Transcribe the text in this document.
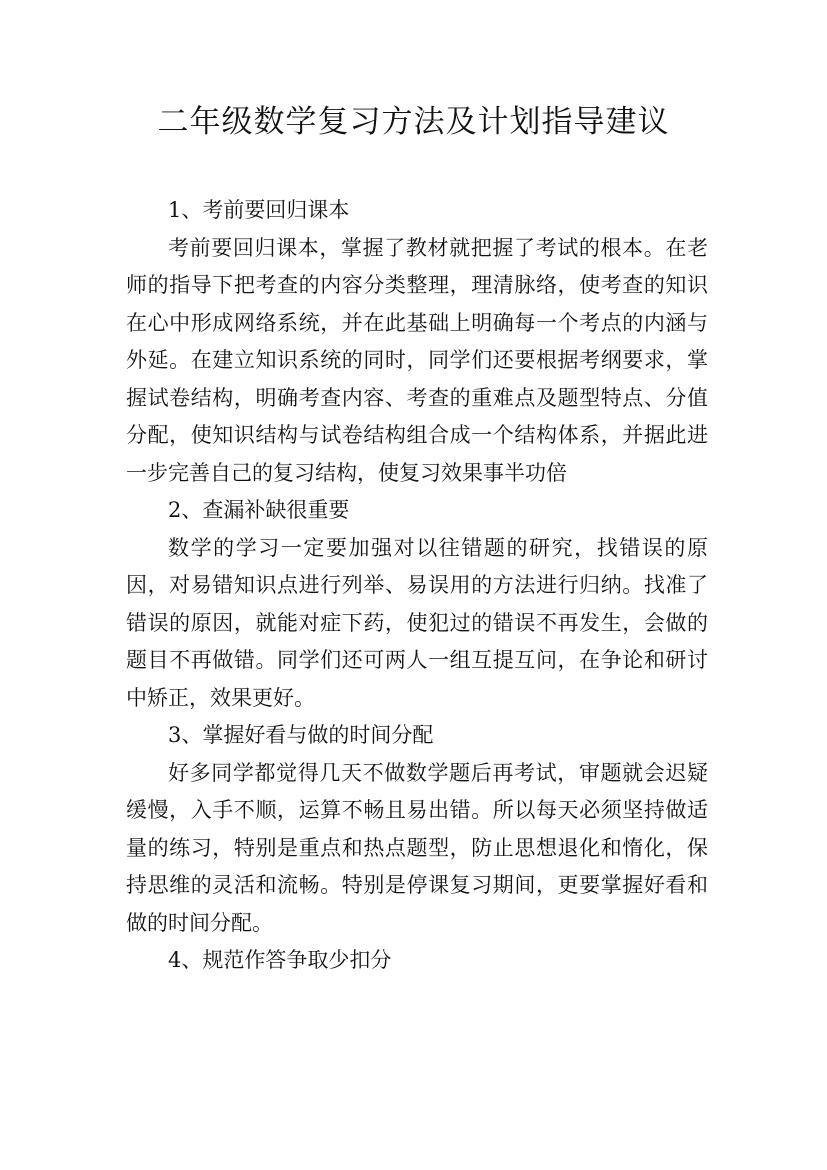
二年级数学复习方法及计划指导建议

1、考前要回归课本

考前要回归课本，掌握了教材就把握了考试的根本。在老师的指导下把考查的内容分类整理，理清脉络，使考查的知识在心中形成网络系统，并在此基础上明确每一个考点的内涵与外延。在建立知识系统的同时，同学们还要根据考纲要求，掌握试卷结构，明确考查内容、考查的重难点及题型特点、分值分配，使知识结构与试卷结构组合成一个结构体系，并据此进一步完善自己的复习结构，使复习效果事半功倍

2、查漏补缺很重要

数学的学习一定要加强对以往错题的研究，找错误的原因，对易错知识点进行列举、易误用的方法进行归纳。找准了错误的原因，就能对症下药，使犯过的错误不再发生，会做的题目不再做错。同学们还可两人一组互提互问，在争论和研讨中矫正，效果更好。

3、掌握好看与做的时间分配

好多同学都觉得几天不做数学题后再考试，审题就会迟疑缓慢，入手不顺，运算不畅且易出错。所以每天必须坚持做适量的练习，特别是重点和热点题型，防止思想退化和惰化，保持思维的灵活和流畅。特别是停课复习期间，更要掌握好看和做的时间分配。

4、规范作答争取少扣分
